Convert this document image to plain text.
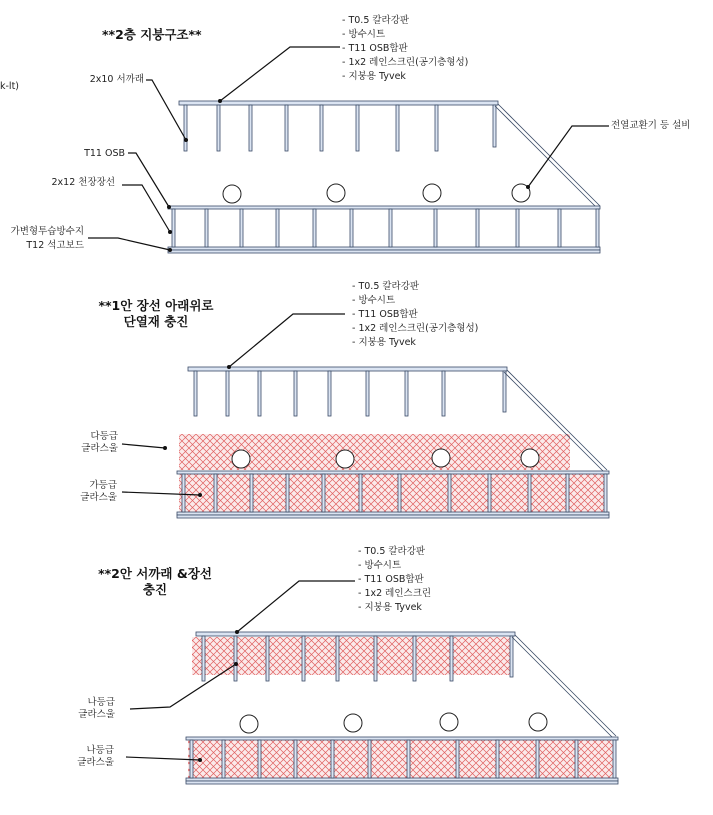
k-lt)
**2층 지붕구조**
- T0.5 칼라강판
- 방수시트
- T11 OSB합판
- 1x2 레인스크린(공기층형성)
- 지붕용 Tyvek
2x10 서까래
T11 OSB
2x12 천장장선
가변형투습방수지
T12 석고보드
전열교환기 등 설비
**1안 장선 아래위로
단열재 충진
- T0.5 칼라강판
- 방수시트
- T11 OSB합판
- 1x2 레인스크린(공기층형성)
- 지붕용 Tyvek
다등급
글라스울
가등급
글라스울
**2안 서까래 &장선
충진
- T0.5 칼라강판
- 방수시트
- T11 OSB합판
- 1x2 레인스크린
- 지붕용 Tyvek
나등급
글라스울
나등급
글라스울
